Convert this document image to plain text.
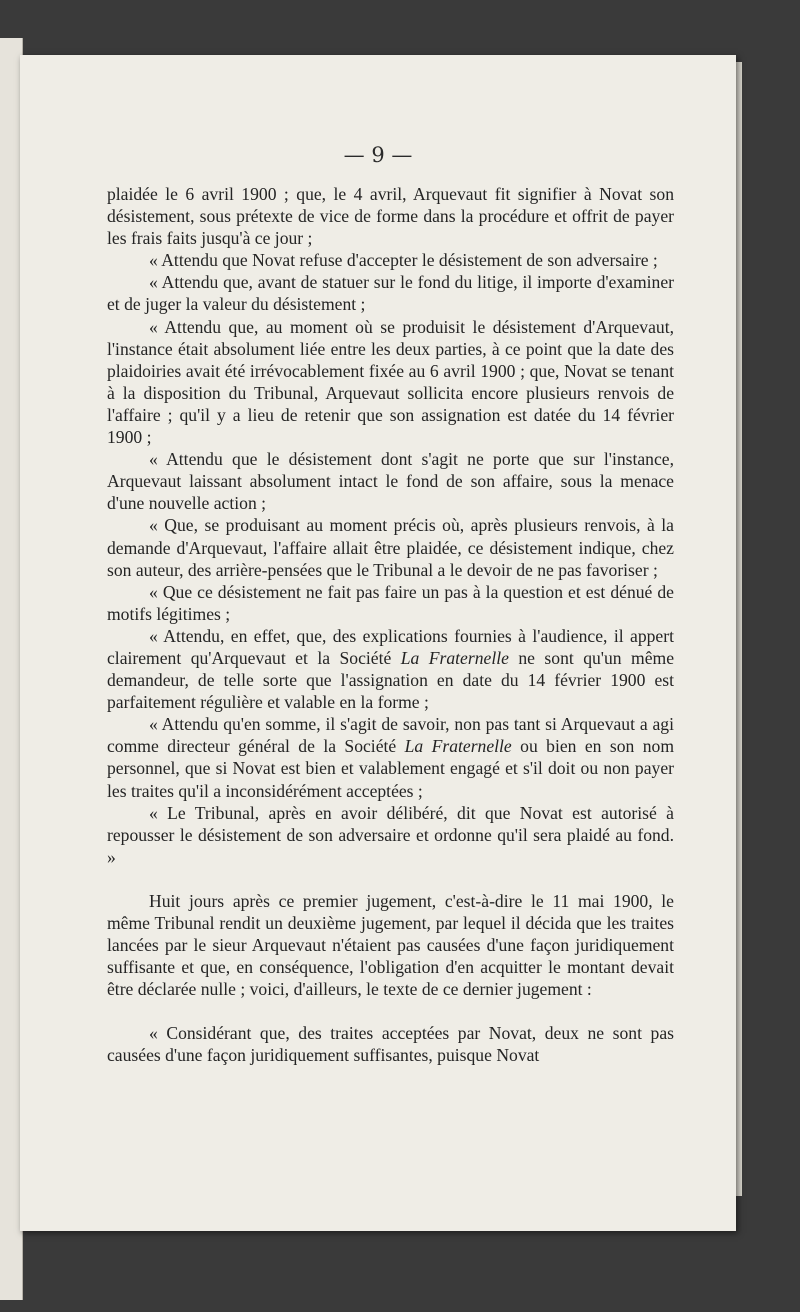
— 9 —

plaidée le 6 avril 1900 ; que, le 4 avril, Arquevaut fit signifier à Novat son désistement, sous prétexte de vice de forme dans la procédure et offrit de payer les frais faits jusqu'à ce jour ;

« Attendu que Novat refuse d'accepter le désistement de son adversaire ;

« Attendu que, avant de statuer sur le fond du litige, il importe d'examiner et de juger la valeur du désistement ;

« Attendu que, au moment où se produisit le désistement d'Arquevaut, l'instance était absolument liée entre les deux parties, à ce point que la date des plaidoiries avait été irrévocablement fixée au 6 avril 1900 ; que, Novat se tenant à la disposition du Tribunal, Arquevaut sollicita encore plusieurs renvois de l'affaire ; qu'il y a lieu de retenir que son assignation est datée du 14 février 1900 ;

« Attendu que le désistement dont s'agit ne porte que sur l'instance, Arquevaut laissant absolument intact le fond de son affaire, sous la menace d'une nouvelle action ;

« Que, se produisant au moment précis où, après plusieurs renvois, à la demande d'Arquevaut, l'affaire allait être plaidée, ce désistement indique, chez son auteur, des arrière-pensées que le Tribunal a le devoir de ne pas favoriser ;

« Que ce désistement ne fait pas faire un pas à la question et est dénué de motifs légitimes ;

« Attendu, en effet, que, des explications fournies à l'audience, il appert clairement qu'Arquevaut et la Société La Fraternelle ne sont qu'un même demandeur, de telle sorte que l'assignation en date du 14 février 1900 est parfaitement régulière et valable en la forme ;

« Attendu qu'en somme, il s'agit de savoir, non pas tant si Arquevaut a agi comme directeur général de la Société La Fraternelle ou bien en son nom personnel, que si Novat est bien et valablement engagé et s'il doit ou non payer les traites qu'il a inconsidérément acceptées ;

« Le Tribunal, après en avoir délibéré, dit que Novat est autorisé à repousser le désistement de son adversaire et ordonne qu'il sera plaidé au fond. »

Huit jours après ce premier jugement, c'est-à-dire le 11 mai 1900, le même Tribunal rendit un deuxième jugement, par lequel il décida que les traites lancées par le sieur Arquevaut n'étaient pas causées d'une façon juridiquement suffisante et que, en conséquence, l'obligation d'en acquitter le montant devait être déclarée nulle ; voici, d'ailleurs, le texte de ce dernier jugement :

« Considérant que, des traites acceptées par Novat, deux ne sont pas causées d'une façon juridiquement suffisantes, puisque Novat
